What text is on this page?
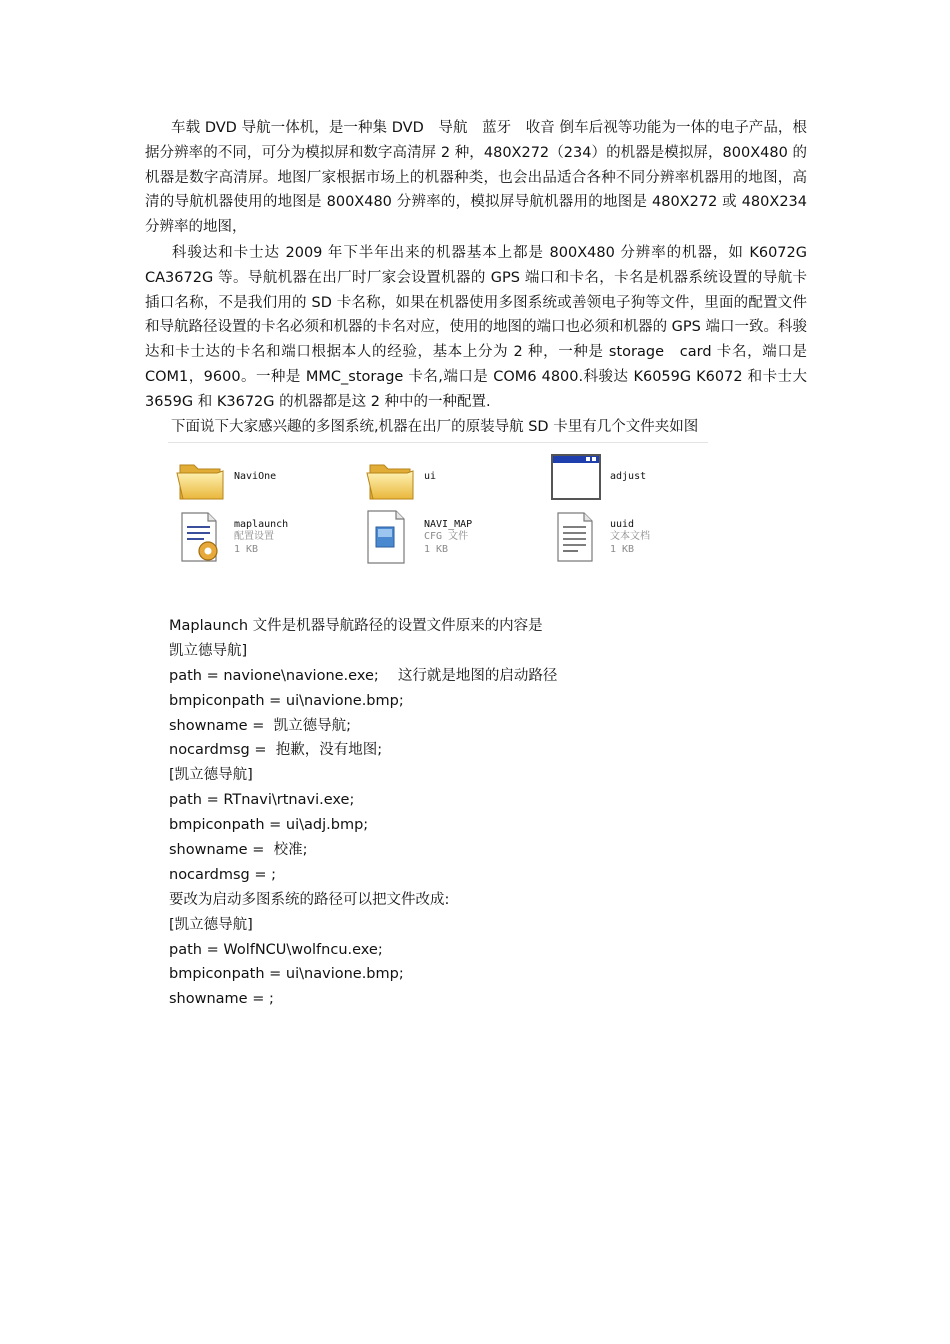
车载 DVD 导航一体机，是一种集 DVD　导航　蓝牙　收音 倒车后视等功能为一体的电子产品，根据分辨率的不同，可分为模拟屏和数字高清屏 2 种，480X272（234）的机器是模拟屏，800X480 的机器是数字高清屏。地图厂家根据市场上的机器种类，也会出品适合各种不同分辨率机器用的地图，高清的导航机器使用的地图是 800X480 分辨率的，模拟屏导航机器用的地图是 480X272 或 480X234 分辨率的地图，

科骏达和卡士达 2009 年下半年出来的机器基本上都是 800X480 分辨率的机器，如 K6072G CA3672G 等。导航机器在出厂时厂家会设置机器的 GPS 端口和卡名，卡名是机器系统设置的导航卡插口名称，不是我们用的 SD 卡名称，如果在机器使用多图系统或善领电子狗等文件，里面的配置文件和导航路径设置的卡名必须和机器的卡名对应，使用的地图的端口也必须和机器的 GPS 端口一致。科骏达和卡士达的卡名和端口根据本人的经验，基本上分为 2 种，一种是 storage　card 卡名，端口是 COM1，9600。一种是 MMC_storage 卡名,端口是 COM6 4800.科骏达 K6059G K6072 和卡士大 3659G 和 K3672G 的机器都是这 2 种中的一种配置.

下面说下大家感兴趣的多图系统,机器在出厂的原装导航 SD 卡里有几个文件夹如图

NaviOne	ui	adjust
maplaunch
配置设置
1 KB
NAVI_MAP
CFG 文件
1 KB
uuid
文本文档
1 KB
Maplaunch 文件是机器导航路径的设置文件原来的内容是
凯立德导航]
path = navione\navione.exe;　 这行就是地图的启动路径
bmpiconpath = ui\navione.bmp;
showname =  凯立德导航;
nocardmsg =  抱歉，没有地图;
[凯立德导航]
path = RTnavi\rtnavi.exe;
bmpiconpath = ui\adj.bmp;
showname =  校准;
nocardmsg = ;
要改为启动多图系统的路径可以把文件改成:
[凯立德导航]
path = WolfNCU\wolfncu.exe;
bmpiconpath = ui\navione.bmp;
showname = ;
